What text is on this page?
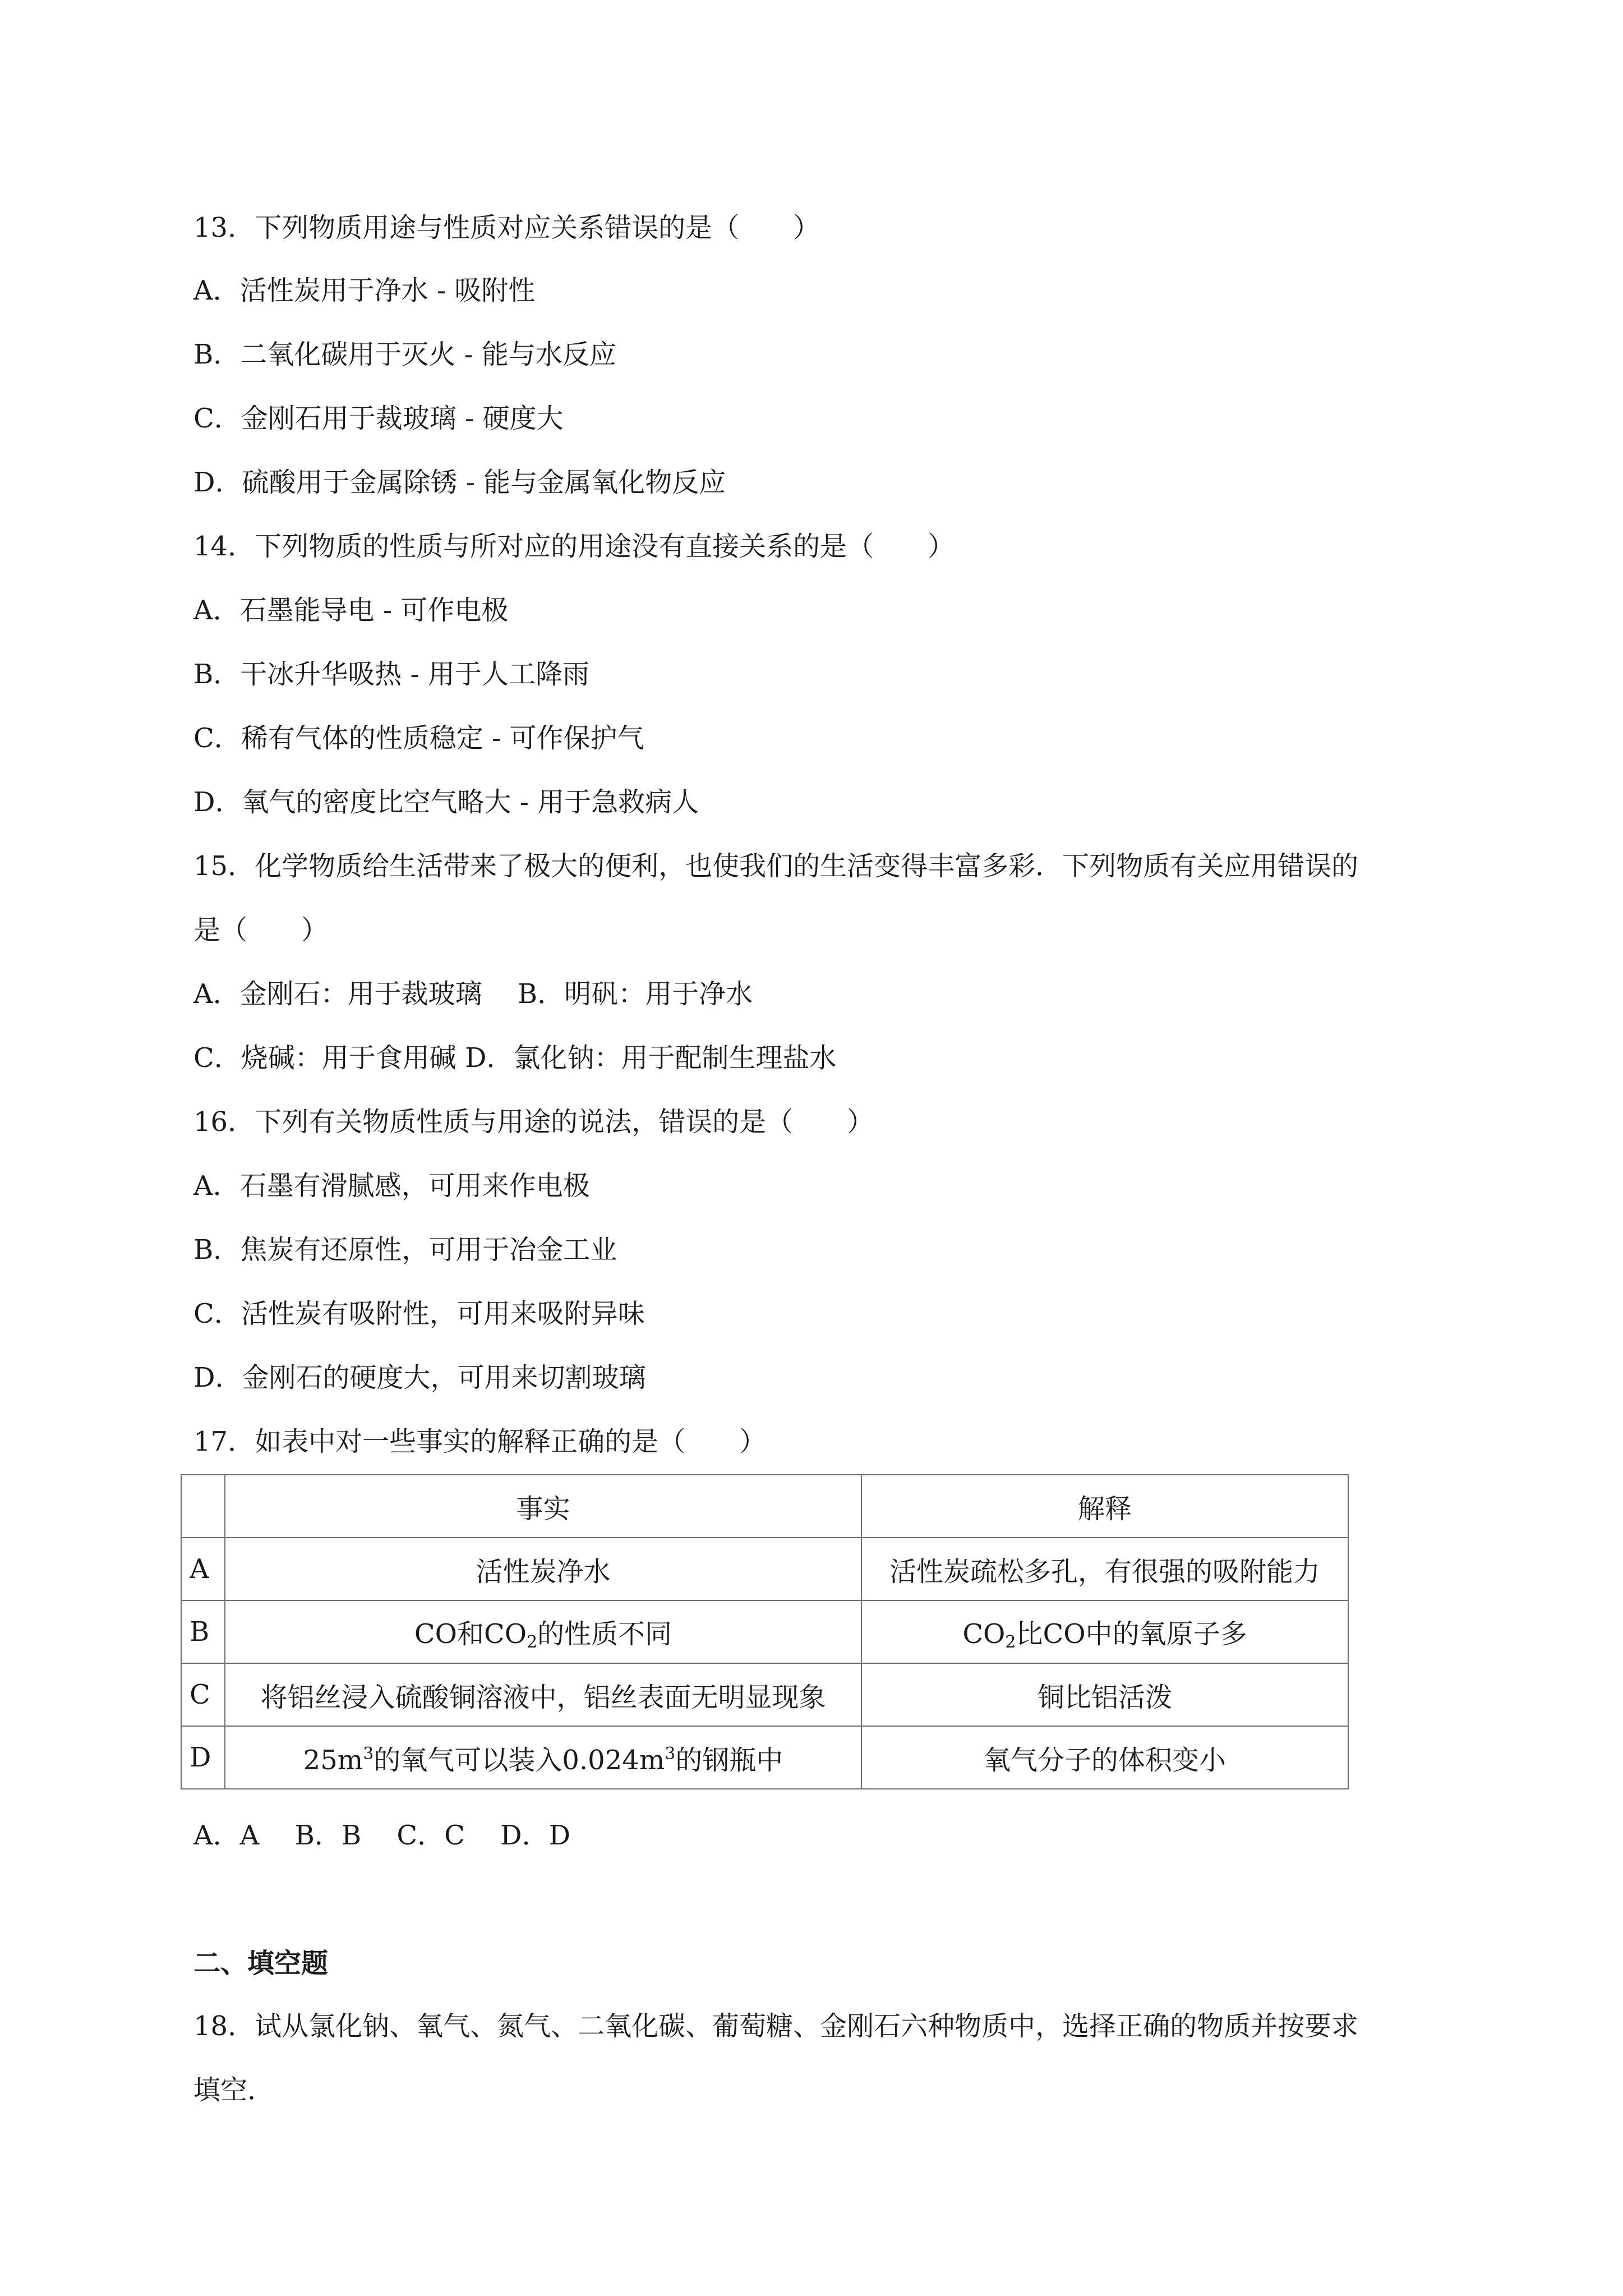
13．下列物质用途与性质对应关系错误的是（　　）
A．活性炭用于净水 - 吸附性
B．二氧化碳用于灭火 - 能与水反应
C．金刚石用于裁玻璃 - 硬度大
D．硫酸用于金属除锈 - 能与金属氧化物反应
14．下列物质的性质与所对应的用途没有直接关系的是（　　）
A．石墨能导电 - 可作电极
B．干冰升华吸热 - 用于人工降雨
C．稀有气体的性质稳定 - 可作保护气
D．氧气的密度比空气略大 - 用于急救病人
15．化学物质给生活带来了极大的便利，也使我们的生活变得丰富多彩．下列物质有关应用错误的
是（　　）
A．金刚石：用于裁玻璃　 B．明矾：用于净水
C．烧碱：用于食用碱 D．氯化钠：用于配制生理盐水
16．下列有关物质性质与用途的说法，错误的是（　　）
A．石墨有滑腻感，可用来作电极
B．焦炭有还原性，可用于冶金工业
C．活性炭有吸附性，可用来吸附异味
D．金刚石的硬度大，可用来切割玻璃
17．如表中对一些事实的解释正确的是（　　）
	事实	解释
A	活性炭净水	活性炭疏松多孔，有很强的吸附能力
B	CO和$CO_2$的性质不同	$CO_2$比CO中的氧原子多
C	将铝丝浸入硫酸铜溶液中，铝丝表面无明显现象	铜比铝活泼
D	$25m^3$的氧气可以装入$0.024m^3$的钢瓶中	氧气分子的体积变小
A．A　 B．B　 C．C　 D．D
二、填空题
18．试从氯化钠、氧气、氮气、二氧化碳、葡萄糖、金刚石六种物质中，选择正确的物质并按要求
填空．
